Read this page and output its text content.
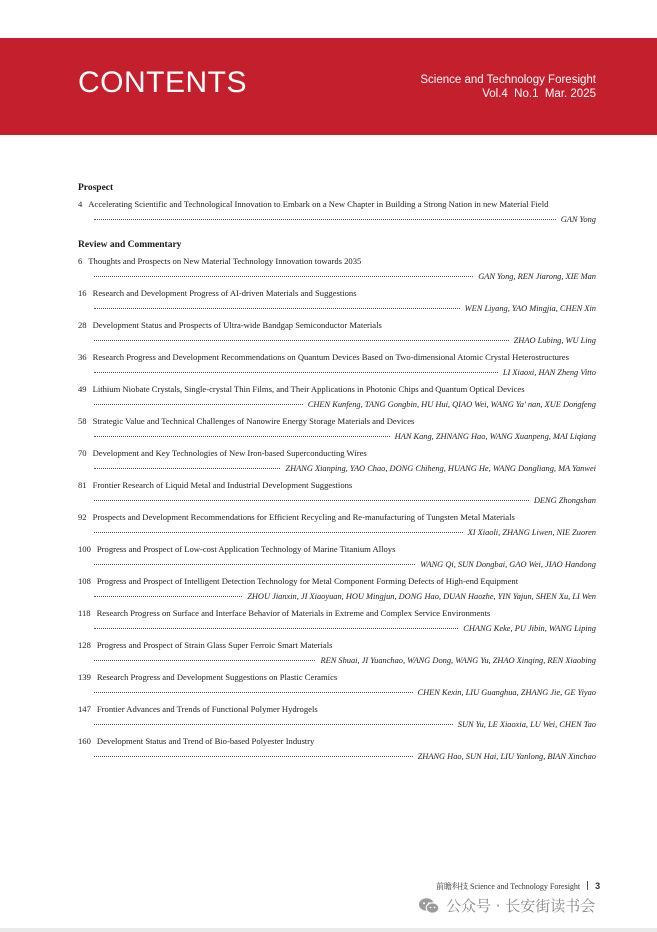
CONTENTS	Science and Technology Foresight
Vol.4  No.1  Mar. 2025
Prospect
4 Accelerating Scientific and Technological Innovation to Embark on a New Chapter in Building a Strong Nation in new Material Field
GAN Yong
Review and Commentary
6 Thoughts and Prospects on New Material Technology Innovation towards 2035
GAN Yong, REN Jiarong, XIE Man
16 Research and Development Progress of AI-driven Materials and Suggestions
WEN Liyang, YAO Mingjia, CHEN Xin
28 Development Status and Prospects of Ultra-wide Bandgap Semiconductor Materials
ZHAO Lubing, WU Ling
36 Research Progress and Development Recommendations on Quantum Devices Based on Two-dimensional Atomic Crystal Heterostructures
LI Xiaoxi, HAN Zheng Vitto
49 Lithium Niobate Crystals, Single-crystal Thin Films, and Their Applications in Photonic Chips and Quantum Optical Devices
CHEN Kunfeng, TANG Gongbin, HU Hui, QIAO Wei, WANG Ya' nan, XUE Dongfeng
58 Strategic Value and Technical Challenges of Nanowire Energy Storage Materials and Devices
HAN Kang, ZHNANG Hao, WANG Xuanpeng, MAI Liqiang
70 Development and Key Technologies of New Iron-based Superconducting Wires
ZHANG Xianping, YAO Chao, DONG Chiheng, HUANG He, WANG Dongliang, MA Yanwei
81 Frontier Research of Liquid Metal and Industrial Development Suggestions
DENG Zhongshan
92 Prospects and Development Recommendations for Efficient Recycling and Re-manufacturing of Tungsten Metal Materials
XI Xiaoli, ZHANG Liwen, NIE Zuoren
100 Progress and Prospect of Low-cost Application Technology of Marine Titanium Alloys
WANG Qi, SUN Dongbai, GAO Wei, JIAO Handong
108 Progress and Prospect of Intelligent Detection Technology for Metal Component Forming Defects of High-end Equipment
ZHOU Jianxin, JI Xiaoyuan, HOU Mingjun, DONG Hao, DUAN Haozhe, YIN Yajun, SHEN Xu, LI Wen
118 Research Progress on Surface and Interface Behavior of Materials in Extreme and Complex Service Environments
CHANG Keke, PU Jibin, WANG Liping
128 Progress and Prospect of Strain Glass Super Ferroic Smart Materials
REN Shuai, JI Yuanchao, WANG Dong, WANG Yu, ZHAO Xinqing, REN Xiaobing
139 Research Progress and Development Suggestions on Plastic Ceramics
CHEN Kexin, LIU Guanghua, ZHANG Jie, GE Yiyao
147 Frontier Advances and Trends of Functional Polymer Hydrogels
SUN Yu, LE Xiaoxia, LU Wei, CHEN Tao
160 Development Status and Trend of Bio-based Polyester Industry
ZHANG Hao, SUN Hai, LIU Yanlong, BIAN Xinchao
前瞻科技 Science and Technology Foresight 3
公众号 · 长安街读书会
